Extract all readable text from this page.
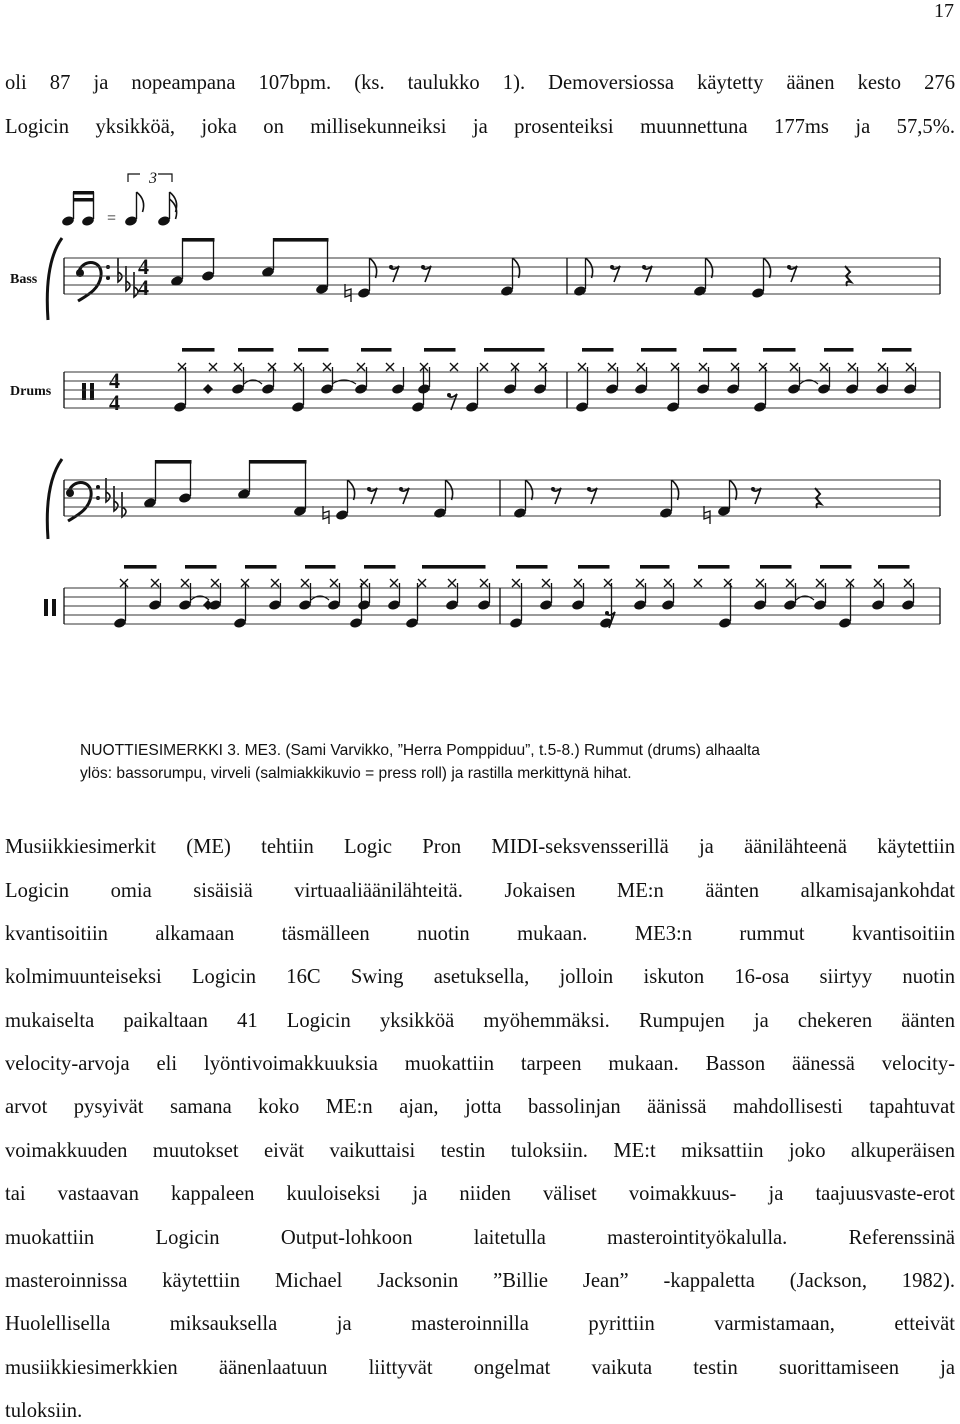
17
oli 87 ja nopeampana 107bpm. (ks. taulukko 1). Demoversiossa käytetty äänen kesto 276
Logicin yksikköä, joka on millisekunneiksi ja prosenteiksi muunnettuna 177ms ja 57,5%.
=
3
Bass
Drums
4
4
4
4
NUOTTIESIMERKKI 3. ME3. (Sami Varvikko, ”Herra Pomppiduu”, t.5-8.) Rummut (drums) alhaalta
ylös: bassorumpu, virveli (salmiakkikuvio = press roll) ja rastilla merkittynä hihat.
Musiikkiesimerkit (ME) tehtiin Logic Pron MIDI-seksvensserillä ja äänilähteenä käytettiin
Logicin omia sisäisiä virtuaaliäänilähteitä. Jokaisen ME:n äänten alkamisajankohdat
kvantisoitiin alkamaan täsmälleen nuotin mukaan. ME3:n rummut kvantisoitiin
kolmimuunteiseksi Logicin 16C Swing asetuksella, jolloin iskuton 16-osa siirtyy nuotin
mukaiselta paikaltaan 41 Logicin yksikköä myöhemmäksi. Rumpujen ja chekeren äänten
velocity-arvoja eli lyöntivoimakkuuksia muokattiin tarpeen mukaan. Basson äänessä velocity-
arvot pysyivät samana koko ME:n ajan, jotta bassolinjan äänissä mahdollisesti tapahtuvat
voimakkuuden muutokset eivät vaikuttaisi testin tuloksiin. ME:t miksattiin joko alkuperäisen
tai vastaavan kappaleen kuuloiseksi ja niiden väliset voimakkuus- ja taajuusvaste-erot
muokattiin Logicin Output-lohkoon laitetulla masterointityökalulla. Referenssinä
masteroinnissa käytettiin Michael Jacksonin ”Billie Jean” -kappaletta (Jackson, 1982).
Huolellisella miksauksella ja masteroinnilla pyrittiin varmistamaan, etteivät
musiikkiesimerkkien äänenlaatuun liittyvät ongelmat vaikuta testin suorittamiseen ja
tuloksiin.
